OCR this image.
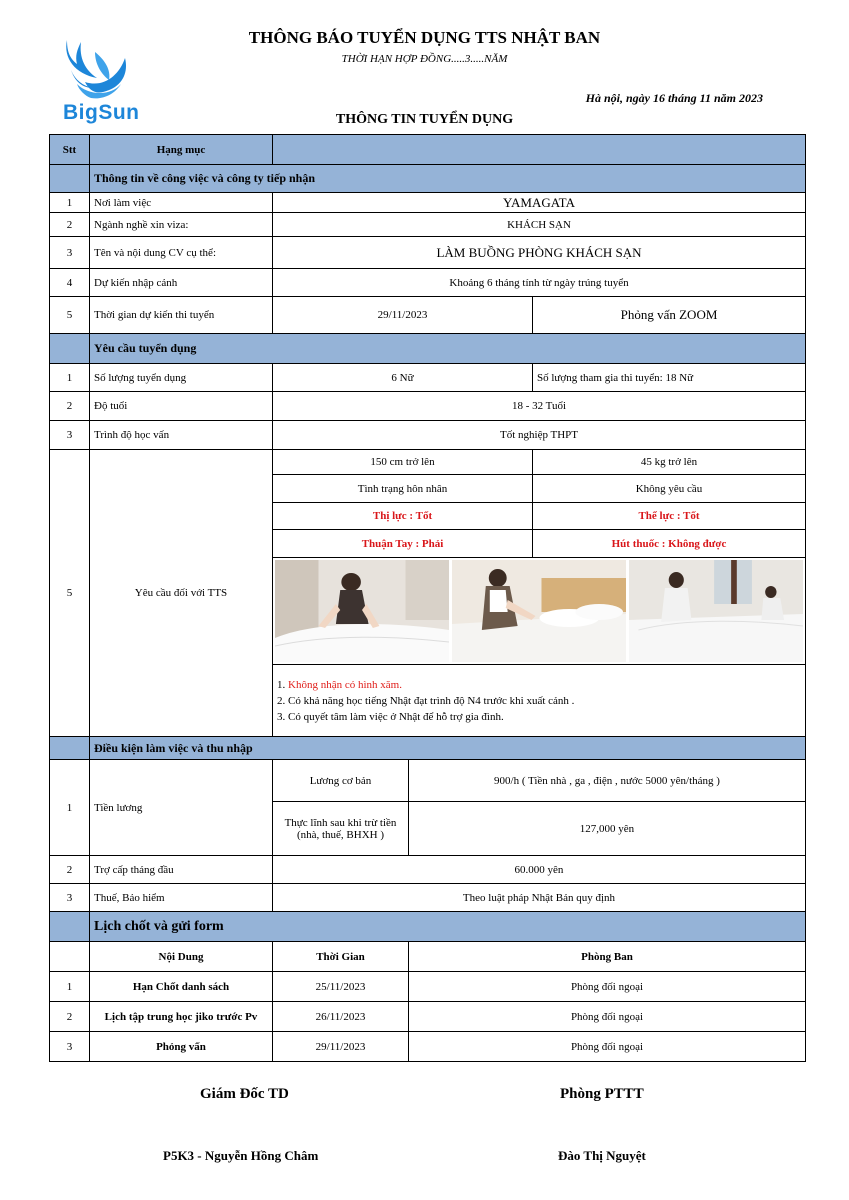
BigSun
THÔNG BÁO TUYỂN DỤNG TTS NHẬT BAN
THỜI HẠN HỢP ĐỒNG.....3.....NĂM
Hà nội, ngày 16 tháng 11 năm 2023
THÔNG TIN TUYỂN DỤNG
Stt	Hạng mục			
	Thông tin về công việc và công ty tiếp nhận			
1	Nơi làm việc	YAMAGATA		
2	Ngành nghề xin viza:	KHÁCH SẠN		
3	Tên và nội dung CV cụ thể:	LÀM BUỒNG PHÒNG KHÁCH SẠN		
4	Dự kiến nhập cảnh	Khoảng 6 tháng tính từ ngày trúng tuyển		
5	Thời gian dự kiến thi tuyển	29/11/2023		Phỏng vấn ZOOM
	Yêu cầu tuyển dụng			
1	Số lượng tuyển dụng	6 Nữ		Số lượng tham gia thi tuyển: 18 Nữ
2	Độ tuổi	18 - 32 Tuổi		
3	Trình độ học vấn	Tốt nghiệp THPT		
5	Yêu cầu đối với TTS	150 cm trở lên		45 kg trở lên
		Tình trạng hôn nhân		Không yêu cầu
		Thị lực : Tốt		Thể lực : Tốt
		Thuận Tay : Phải		Hút thuốc : Không được

		1. Không nhận có hình xăm.
2. Có khả năng học tiếng Nhật đạt trình độ N4 trước khi xuất cảnh .
3. Có quyết tâm làm việc ở Nhật để hỗ trợ gia đình.		

	Điều kiện làm việc và thu nhập			
1	Tiền lương	Lương cơ bản	900/h ( Tiền nhà , ga , điện , nước 5000 yên/tháng )	

		Thực lĩnh sau khi trừ tiền
(nhà, thuế, BHXH )	127,000 yên	
2	Trợ cấp tháng đầu	60.000 yên		
3	Thuế, Bảo hiểm	Theo luật pháp Nhật Bản quy định		
	Lịch chốt và gửi form			
	Nội Dung	Thời Gian	Phòng Ban	
1	Hạn Chốt danh sách	25/11/2023	Phòng đối ngoại	
2	Lịch tập trung học jiko trước Pv	26/11/2023	Phòng đối ngoại	
3	Phỏng vấn	29/11/2023	Phòng đối ngoại	
Giám Đốc TD	Phòng PTTT
P5K3 - Nguyễn Hồng Châm	Đào Thị Nguyệt
